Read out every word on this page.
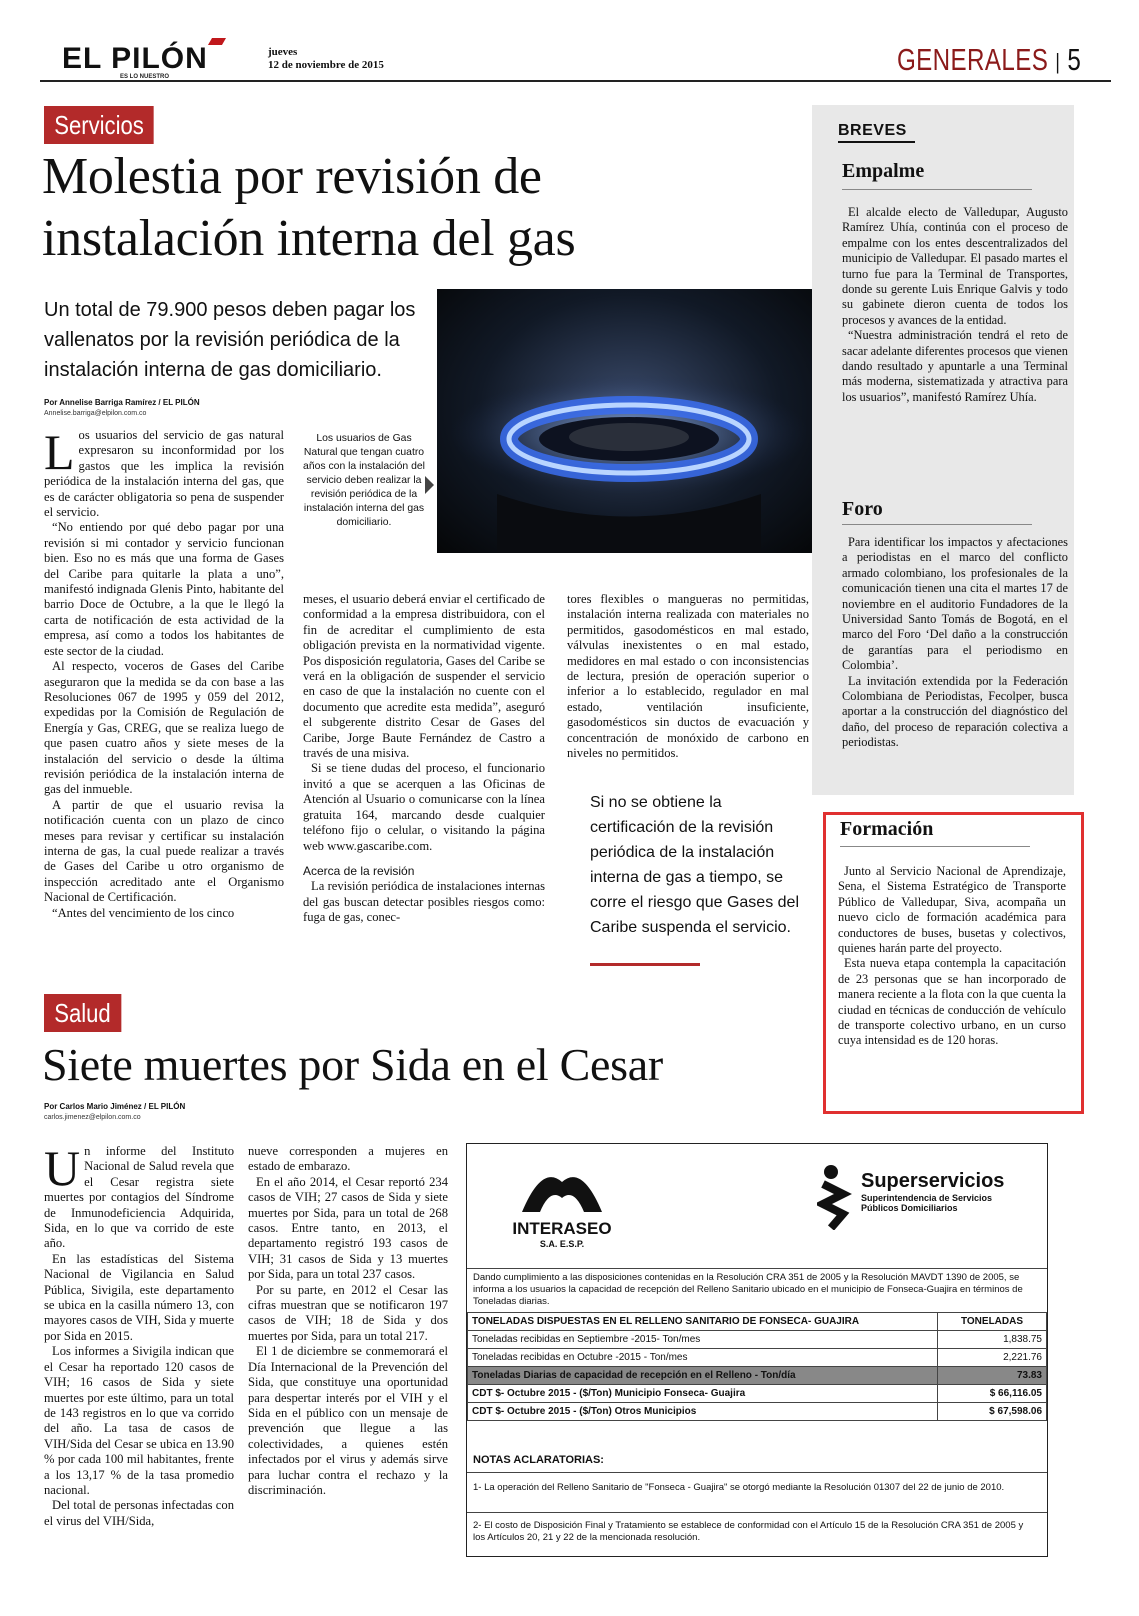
EL PILÓN
ES LO NUESTRO
jueves
12 de noviembre de 2015	GENERALES | 5
Servicios
Molestia por revisión de
instalación interna del gas
Un total de 79.900 pesos deben pagar los vallenatos por la revisión periódica de la instalación interna de gas domiciliario.
Por Annelise Barriga Ramírez / EL PILÓN
Annelise.barriga@elpilon.com.co
Los usuarios de Gas Natural que tengan cuatro años con la instalación del servicio deben realizar la revisión periódica de la instalación interna del gas domiciliario.

Los usuarios del servicio de gas natural expresaron su inconformidad por los gastos que les implica la revisión periódica de la instalación interna del gas, que es de carácter obligatoria so pena de suspender el servicio.

“No entiendo por qué debo pagar por una revisión si mi contador y servicio funcionan bien. Eso no es más que una forma de Gases del Caribe para quitarle la plata a uno”, manifestó indignada Glenis Pinto, habitante del barrio Doce de Octubre, a la que le llegó la carta de notificación de esta actividad de la empresa, así como a todos los habitantes de este sector de la ciudad.

Al respecto, voceros de Gases del Caribe aseguraron que la medida se da con base a las Resoluciones 067 de 1995 y 059 del 2012, expedidas por la Comisión de Regulación de Energía y Gas, CREG, que se realiza luego de que pasen cuatro años y siete meses de la instalación del servicio o desde la última revisión periódica de la instalación interna de gas del inmueble.

A partir de que el usuario revisa la notificación cuenta con un plazo de cinco meses para revisar y certificar su instalación interna de gas, la cual puede realizar a través de Gases del Caribe u otro organismo de inspección acreditado ante el Organismo Nacional de Certificación.

“Antes del vencimiento de los cinco

meses, el usuario deberá enviar el certificado de conformidad a la empresa distribuidora, con el fin de acreditar el cumplimiento de esta obligación prevista en la normatividad vigente. Pos disposición regulatoria, Gases del Caribe se verá en la obligación de suspender el servicio en caso de que la instalación no cuente con el documento que acredite esta medida”, aseguró el subgerente distrito Cesar de Gases del Caribe, Jorge Baute Fernández de Castro a través de una misiva.

Si se tiene dudas del proceso, el funcionario invitó a que se acerquen a las Oficinas de Atención al Usuario o comunicarse con la línea gratuita 164, marcando desde cualquier teléfono fijo o celular, o visitando la página web www.gascaribe.com.

Acerca de la revisión

La revisión periódica de instalaciones internas del gas buscan detectar posibles riesgos como: fuga de gas, conec-

tores flexibles o mangueras no permitidas, instalación interna realizada con materiales no permitidos, gasodomésticos en mal estado, válvulas inexistentes o en mal estado, medidores en mal estado o con inconsistencias de lectura, presión de operación superior o inferior a lo establecido, regulador en mal estado, ventilación insuficiente, gasodomésticos sin ductos de evacuación y concentración de monóxido de carbono en niveles no permitidos.

Si no se obtiene la certificación de la revisión periódica de la instalación interna de gas a tiempo, se corre el riesgo que Gases del Caribe suspenda el servicio.
BREVES
Empalme

El alcalde electo de Valledupar, Augusto Ramírez Uhía, continúa con el proceso de empalme con los entes descentralizados del municipio de Valledupar. El pasado martes el turno fue para la Terminal de Transportes, donde su gerente Luis Enrique Galvis y todo su gabinete dieron cuenta de todos los procesos y avances de la entidad.

“Nuestra administración tendrá el reto de sacar adelante diferentes procesos que vienen dando resultado y apuntarle a una Terminal más moderna, sistematizada y atractiva para los usuarios”, manifestó Ramírez Uhía.

Foro

Para identificar los impactos y afectaciones a periodistas en el marco del conflicto armado colombiano, los profesionales de la comunicación tienen una cita el martes 17 de noviembre en el auditorio Fundadores de la Universidad Santo Tomás de Bogotá, en el marco del Foro ‘Del daño a la construcción de garantías para el periodismo en Colombia’.

La invitación extendida por la Federación Colombiana de Periodistas, Fecolper, busca aportar a la construcción del diagnóstico del daño, del proceso de reparación colectiva a periodistas.

Formación

Junto al Servicio Nacional de Aprendizaje, Sena, el Sistema Estratégico de Transporte Público de Valledupar, Siva, acompaña un nuevo ciclo de formación académica para conductores de buses, busetas y colectivos, quienes harán parte del proyecto.

Esta nueva etapa contempla la capacitación de 23 personas que se han incorporado de manera reciente a la flota con la que cuenta la ciudad en técnicas de conducción de vehículo de transporte colectivo urbano, en un curso cuya intensidad es de 120 horas.

Salud
Siete muertes por Sida en el Cesar
Por Carlos Mario Jiménez / EL PILÓN
carlos.jimenez@elpilon.com.co

Un informe del Instituto Nacional de Salud revela que el Cesar registra siete muertes por contagios del Síndrome de Inmunodeficiencia Adquirida, Sida, en lo que va corrido de este año.

En las estadísticas del Sistema Nacional de Vigilancia en Salud Pública, Sivigila, este departamento se ubica en la casilla número 13, con mayores casos de VIH, Sida y muerte por Sida en 2015.

Los informes a Sivigila indican que el Cesar ha reportado 120 casos de VIH; 16 casos de Sida y siete muertes por este último, para un total de 143 registros en lo que va corrido del año. La tasa de casos de VIH/Sida del Cesar se ubica en 13.90 % por cada 100 mil habitantes, frente a los 13,17 % de la tasa promedio nacional.

Del total de personas infectadas con el virus del VIH/Sida,

nueve corresponden a mujeres en estado de embarazo.

En el año 2014, el Cesar reportó 234 casos de VIH; 27 casos de Sida y siete muertes por Sida, para un total de 268 casos. Entre tanto, en 2013, el departamento registró 193 casos de VIH; 31 casos de Sida y 13 muertes por Sida, para un total 237 casos.

Por su parte, en 2012 el Cesar las cifras muestran que se notificaron 197 casos de VIH; 18 de Sida y dos muertes por Sida, para un total 217.

El 1 de diciembre se conmemorará el Día Internacional de la Prevención del Sida, que constituye una oportunidad para despertar interés por el VIH y el Sida en el público con un mensaje de prevención que llegue a las colectividades, a quienes estén infectados por el virus y además sirve para luchar contra el rechazo y la discriminación.

INTERASEO
S.A. E.S.P.
Superservicios
Superintendencia de Servicios
Públicos Domiciliarios
Dando cumplimiento a las disposiciones contenidas en la Resolución CRA 351 de 2005 y la Resolución MAVDT 1390 de 2005, se informa a los usuarios la capacidad de recepción del Relleno Sanitario ubicado en el municipio de Fonseca-Guajira en términos de Toneladas diarias.
TONELADAS DISPUESTAS EN EL RELLENO SANITARIO DE FONSECA- GUAJIRA	TONELADAS
Toneladas recibidas en Septiembre -2015- Ton/mes	1,838.75
Toneladas recibidas en Octubre -2015 - Ton/mes	2,221.76
Toneladas Diarias de capacidad de recepción en el Relleno - Ton/día	73.83
CDT $- Octubre 2015 - ($/Ton) Municipio Fonseca- Guajira	$ 66,116.05
CDT $- Octubre 2015 - ($/Ton) Otros Municipios	$ 67,598.06
NOTAS ACLARATORIAS:
1- La operación del Relleno Sanitario de "Fonseca - Guajira" se otorgó mediante la Resolución 01307 del 22 de junio de 2010.
2- El costo de Disposición Final y Tratamiento se establece de conformidad con el Artículo 15 de la Resolución CRA 351 de 2005 y los Artículos 20, 21 y 22 de la mencionada resolución.
